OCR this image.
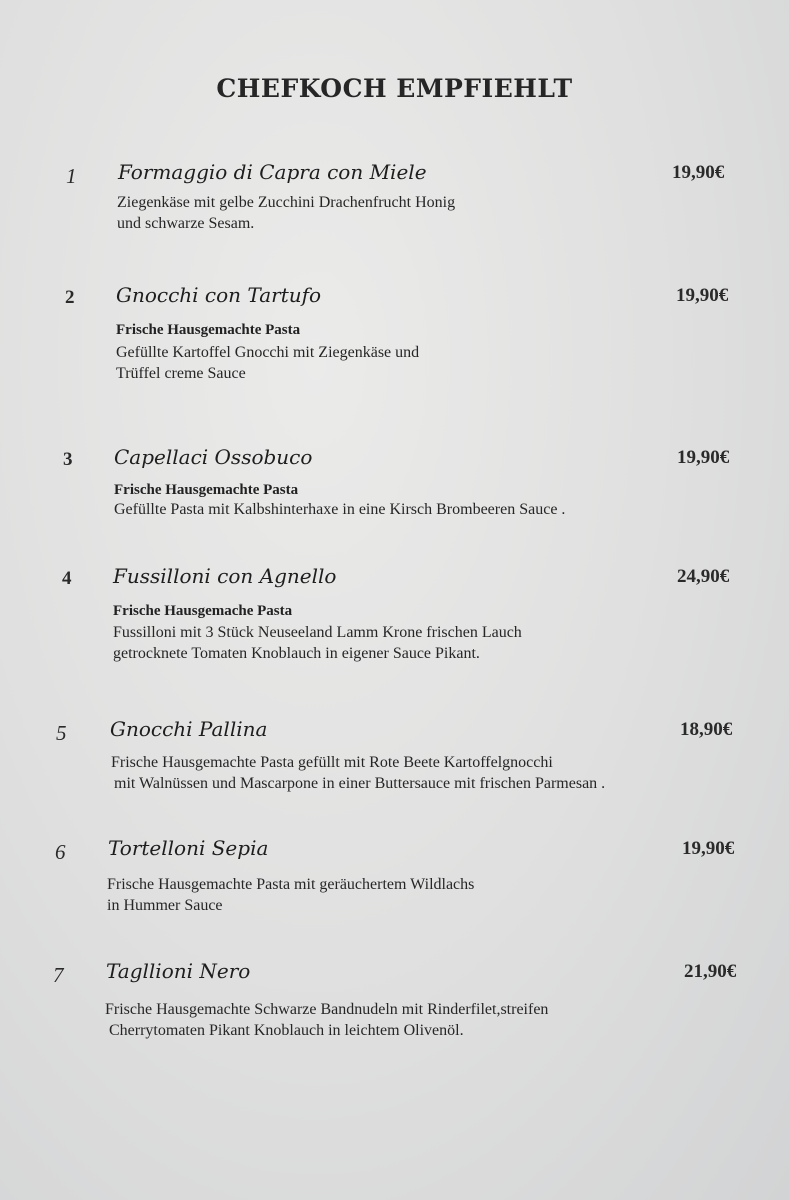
CHEFKOCH EMPFIEHLT
1 Formaggio di Capra con Miele	19,90€
Ziegenkäse mit gelbe Zucchini Drachenfrucht Honig
und schwarze Sesam.
2 Gnocchi con Tartufo	19,90€
Frische Hausgemachte Pasta
Gefüllte Kartoffel Gnocchi mit Ziegenkäse und
Trüffel creme Sauce
3 Capellaci Ossobuco	19,90€
Frische Hausgemachte Pasta
Gefüllte Pasta mit Kalbshinterhaxe in eine Kirsch Brombeeren Sauce .
4 Fussilloni con Agnello	24,90€
Frische Hausgemache Pasta
Fussilloni mit 3 Stück Neuseeland Lamm Krone frischen Lauch
getrocknete Tomaten Knoblauch in eigener Sauce Pikant.
5 Gnocchi Pallina	18,90€
Frische Hausgemachte Pasta gefüllt mit Rote Beete Kartoffelgnocchi
mit Walnüssen und Mascarpone in einer Buttersauce mit frischen Parmesan .
6 Tortelloni Sepia	19,90€
Frische Hausgemachte Pasta mit geräuchertem Wildlachs
in Hummer Sauce
7 Tagllioni Nero	21,90€
Frische Hausgemachte Schwarze Bandnudeln mit Rinderfilet,streifen
Cherrytomaten Pikant Knoblauch in leichtem Olivenöl.
